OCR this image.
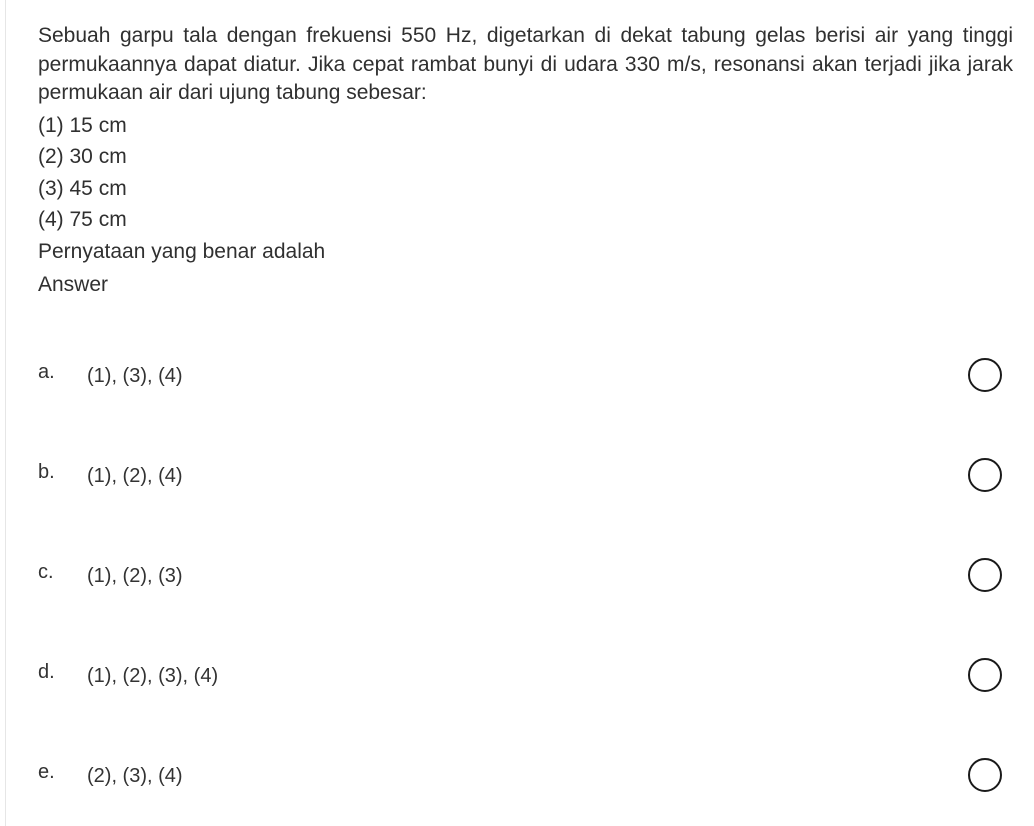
Sebuah garpu tala dengan frekuensi 550 Hz, digetarkan di dekat tabung gelas berisi air yang tinggi permukaannya dapat diatur. Jika cepat rambat bunyi di udara 330 m/s, resonansi akan terjadi jika jarak permukaan air dari ujung tabung sebesar:

(1) 15 cm
(2) 30 cm
(3) 45 cm
(4) 75 cm

Pernyataan yang benar adalah

Answer
a. (1), (3), (4)
b. (1), (2), (4)
c. (1), (2), (3)
d. (1), (2), (3), (4)
e. (2), (3), (4)
